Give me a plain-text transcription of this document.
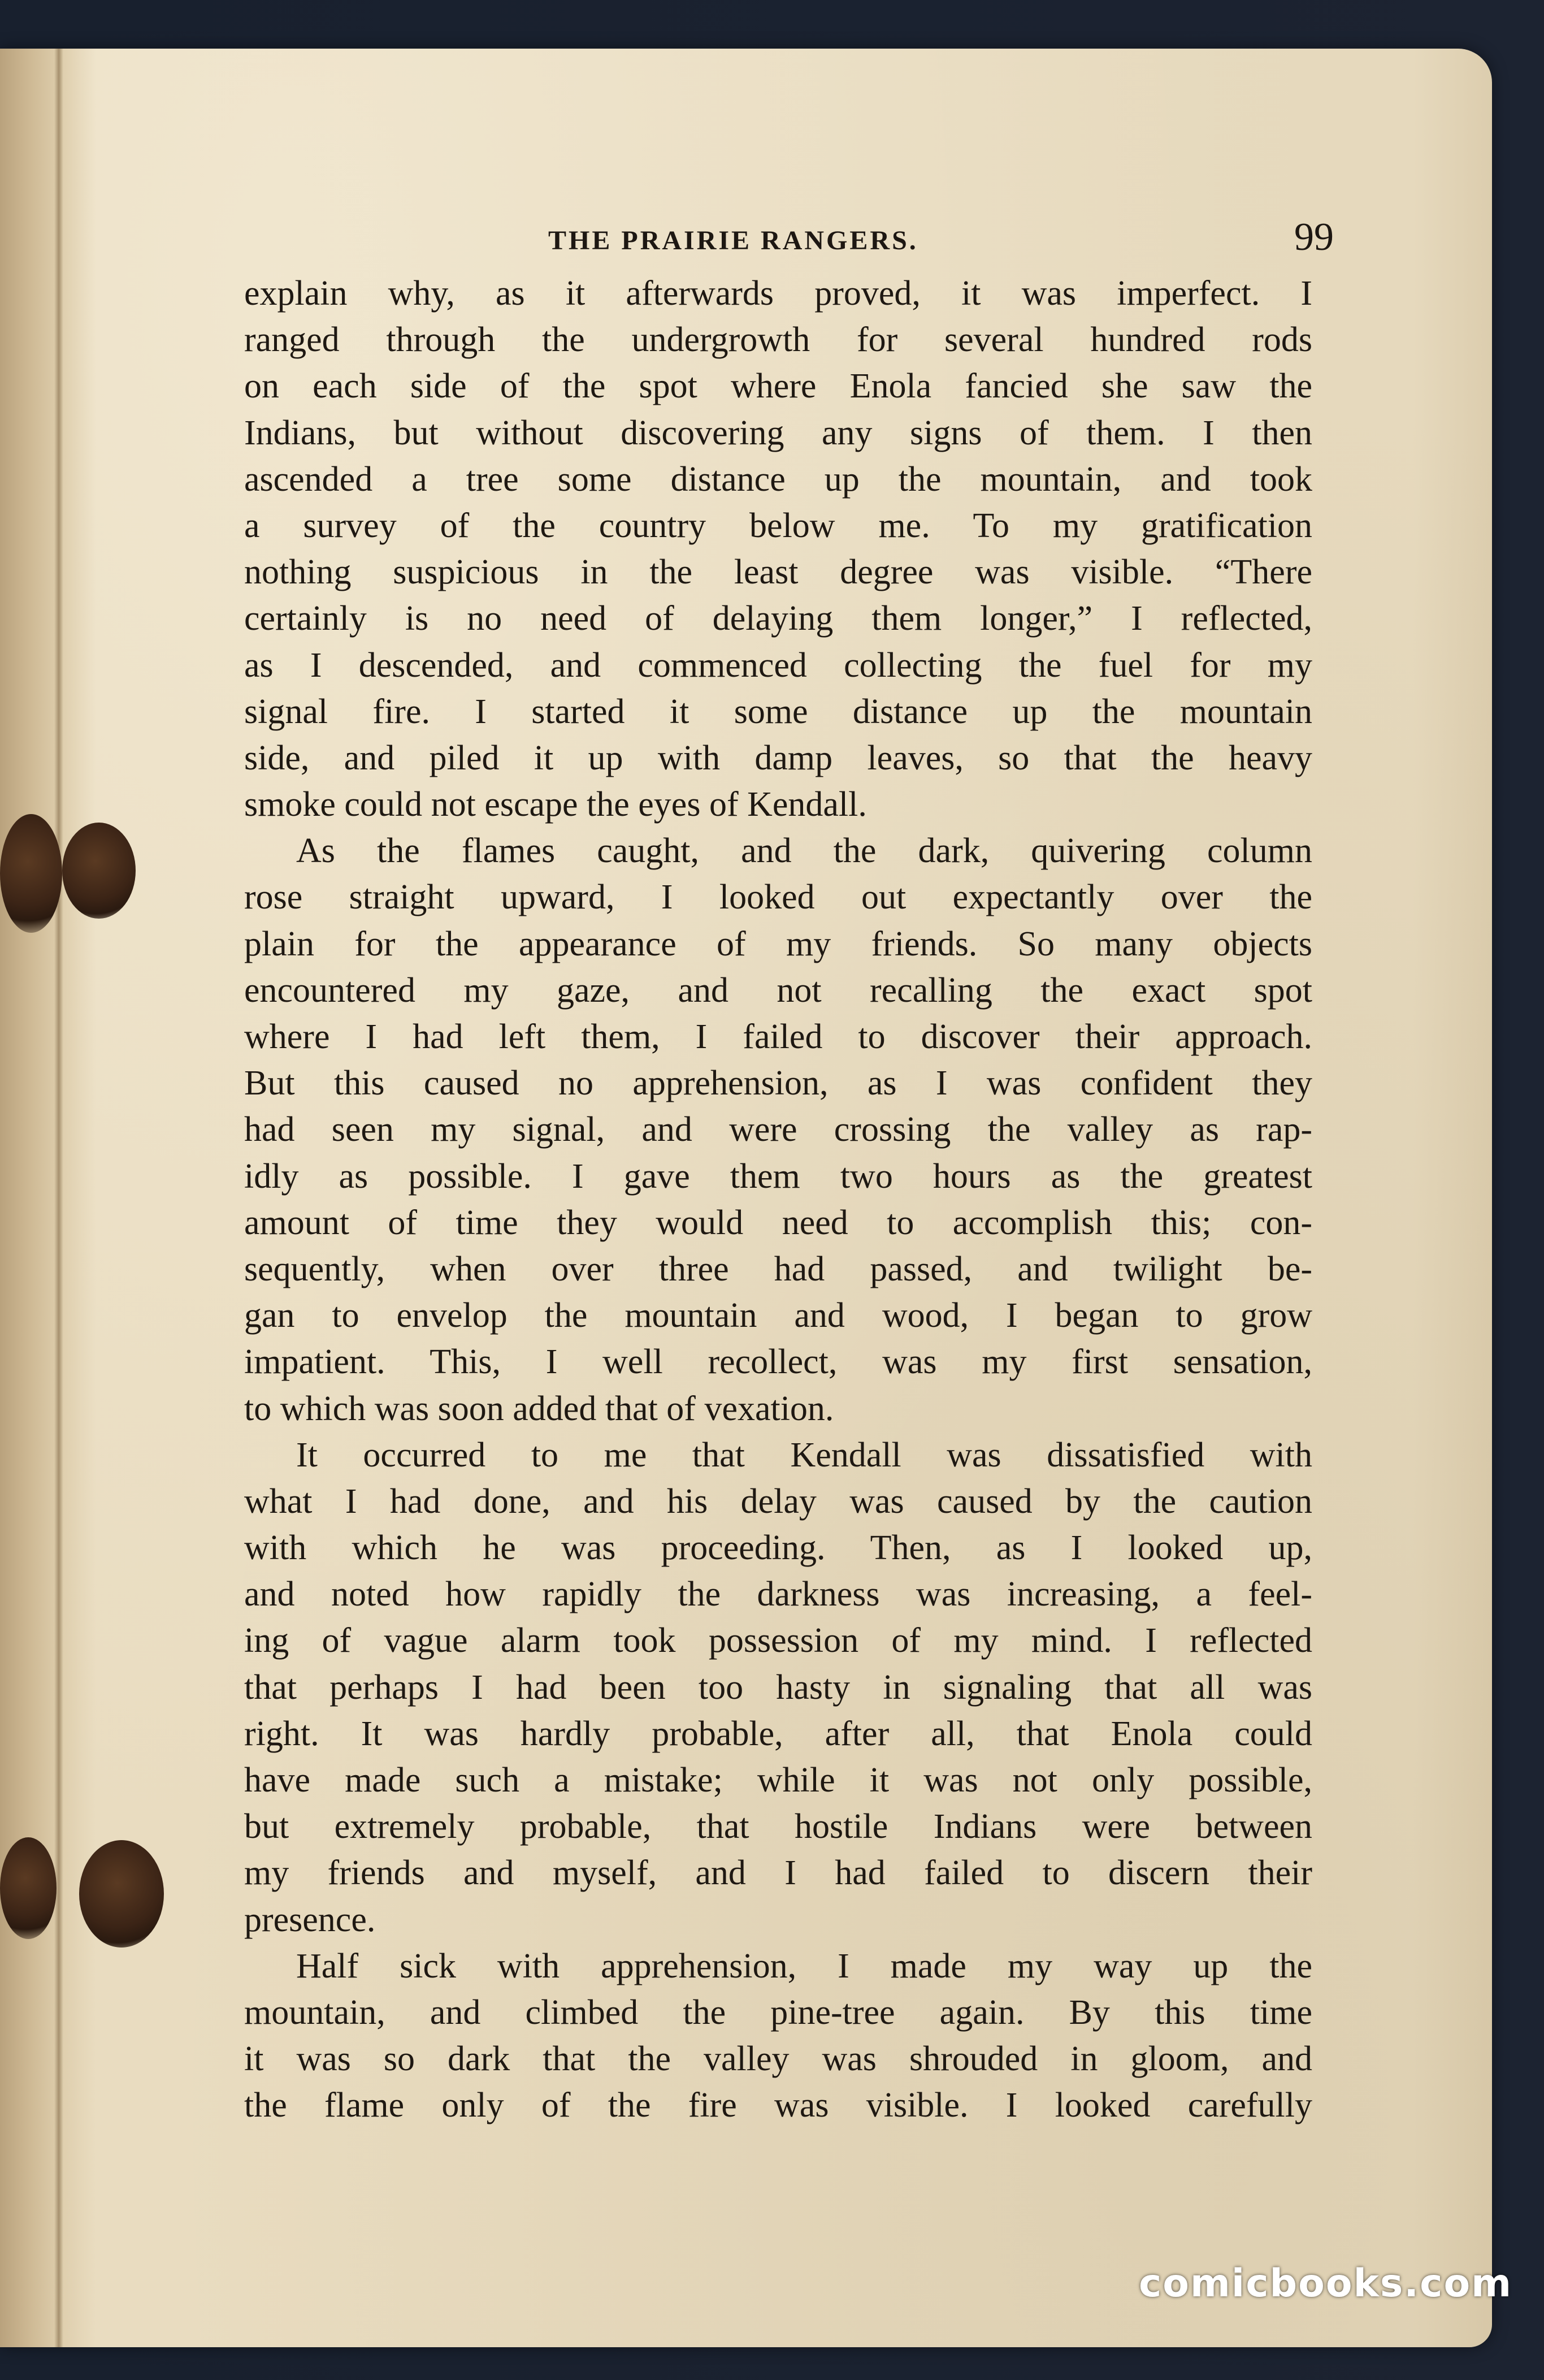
THE PRAIRIE RANGERS.	99
explain why, as it afterwards proved, it was imperfect. I
ranged through the undergrowth for several hundred rods
on each side of the spot where Enola fancied she saw the
Indians, but without discovering any signs of them. I then
ascended a tree some distance up the mountain, and took
a survey of the country below me. To my gratification
nothing suspicious in the least degree was visible. “There
certainly is no need of delaying them longer,” I reflected,
as I descended, and commenced collecting the fuel for my
signal fire. I started it some distance up the mountain
side, and piled it up with damp leaves, so that the heavy
smoke could not escape the eyes of Kendall.
As the flames caught, and the dark, quivering column
rose straight upward, I looked out expectantly over the
plain for the appearance of my friends. So many objects
encountered my gaze, and not recalling the exact spot
where I had left them, I failed to discover their approach.
But this caused no apprehension, as I was confident they
had seen my signal, and were crossing the valley as rap-
idly as possible. I gave them two hours as the greatest
amount of time they would need to accomplish this; con-
sequently, when over three had passed, and twilight be-
gan to envelop the mountain and wood, I began to grow
impatient. This, I well recollect, was my first sensation,
to which was soon added that of vexation.
It occurred to me that Kendall was dissatisfied with
what I had done, and his delay was caused by the caution
with which he was proceeding. Then, as I looked up,
and noted how rapidly the darkness was increasing, a feel-
ing of vague alarm took possession of my mind. I reflected
that perhaps I had been too hasty in signaling that all was
right. It was hardly probable, after all, that Enola could
have made such a mistake; while it was not only possible,
but extremely probable, that hostile Indians were between
my friends and myself, and I had failed to discern their
presence.
Half sick with apprehension, I made my way up the
mountain, and climbed the pine-tree again. By this time
it was so dark that the valley was shrouded in gloom, and
the flame only of the fire was visible. I looked carefully
comicbooks.com
